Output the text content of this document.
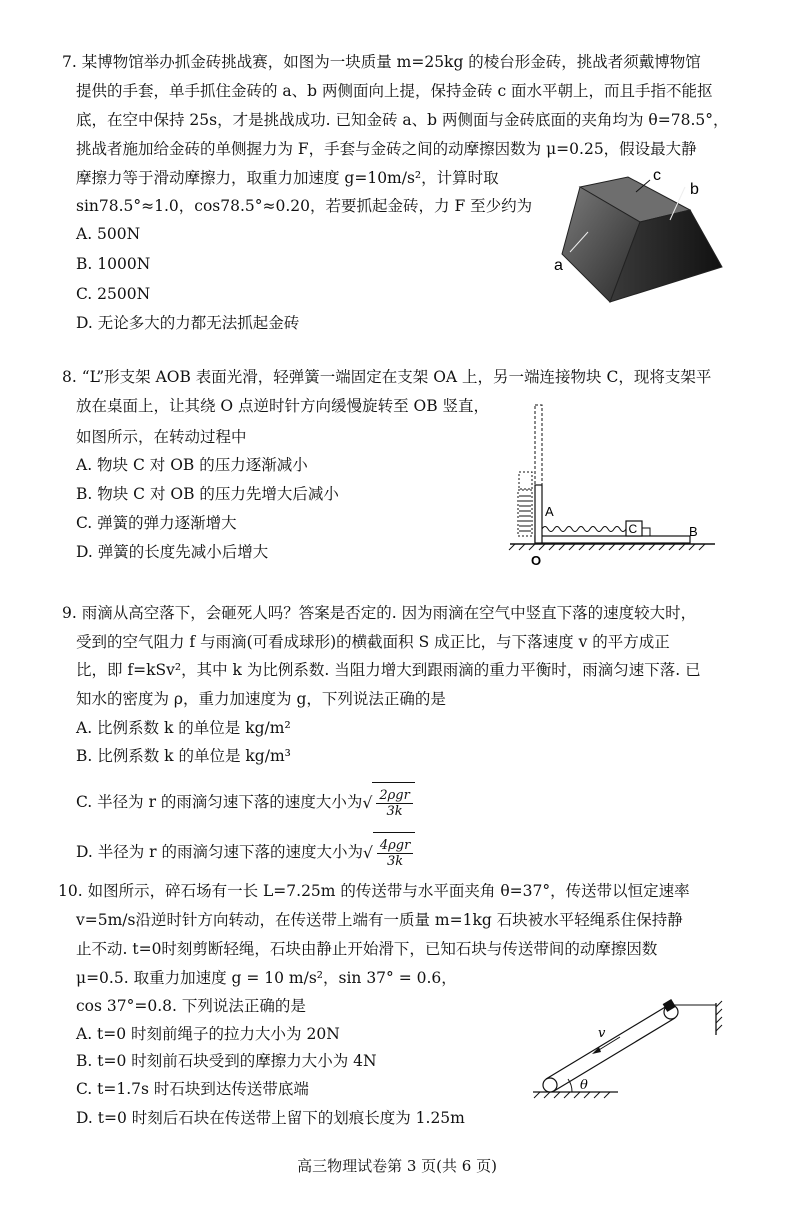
7. 某博物馆举办抓金砖挑战赛，如图为一块质量 m=25kg 的棱台形金砖，挑战者须戴博物馆
提供的手套，单手抓住金砖的 a、b 两侧面向上提，保持金砖 c 面水平朝上，而且手指不能抠
底，在空中保持 25s，才是挑战成功. 已知金砖 a、b 两侧面与金砖底面的夹角均为 θ=78.5°，
挑战者施加给金砖的单侧握力为 F，手套与金砖之间的动摩擦因数为 μ=0.25，假设最大静
摩擦力等于滑动摩擦力，取重力加速度 g=10m/s²，计算时取
sin78.5°≈1.0，cos78.5°≈0.20，若要抓起金砖，力 F 至少约为
A. 500N
B. 1000N
C. 2500N
D. 无论多大的力都无法抓起金砖
c
b
a
8. “L”形支架 AOB 表面光滑，轻弹簧一端固定在支架 OA 上，另一端连接物块 C，现将支架平
放在桌面上，让其绕 O 点逆时针方向缓慢旋转至 OB 竖直，
如图所示，在转动过程中
A. 物块 C 对 OB 的压力逐渐减小
B. 物块 C 对 OB 的压力先增大后减小
C. 弹簧的弹力逐渐增大
D. 弹簧的长度先减小后增大
C
A
B
O
9. 雨滴从高空落下，会砸死人吗？答案是否定的. 因为雨滴在空气中竖直下落的速度较大时，
受到的空气阻力 f 与雨滴(可看成球形)的横截面积 S 成正比，与下落速度 v 的平方成正
比，即 f=kSv²，其中 k 为比例系数. 当阻力增大到跟雨滴的重力平衡时，雨滴匀速下落. 已
知水的密度为 ρ，重力加速度为 g，下列说法正确的是
A. 比例系数 k 的单位是 kg/m²
B. 比例系数 k 的单位是 kg/m³
C. 半径为 r 的雨滴匀速下落的速度大小为√ $\frac{\text{2ρgr}}{3k}$
D. 半径为 r 的雨滴匀速下落的速度大小为√ $\frac{\text{4ρgr}}{3k}$
10. 如图所示，碎石场有一长 L=7.25m 的传送带与水平面夹角 θ=37°，传送带以恒定速率
v=5m/s沿逆时针方向转动，在传送带上端有一质量 m=1kg 石块被水平轻绳系住保持静
止不动. t=0时刻剪断轻绳，石块由静止开始滑下，已知石块与传送带间的动摩擦因数
μ=0.5. 取重力加速度 g = 10 m/s²，sin 37° = 0.6，
cos 37°=0.8. 下列说法正确的是
A. t=0 时刻前绳子的拉力大小为 20N
B. t=0 时刻前石块受到的摩擦力大小为 4N
C. t=1.7s 时石块到达传送带底端
D. t=0 时刻后石块在传送带上留下的划痕长度为 1.25m
v
θ
高三物理试卷第 3 页(共 6 页)
